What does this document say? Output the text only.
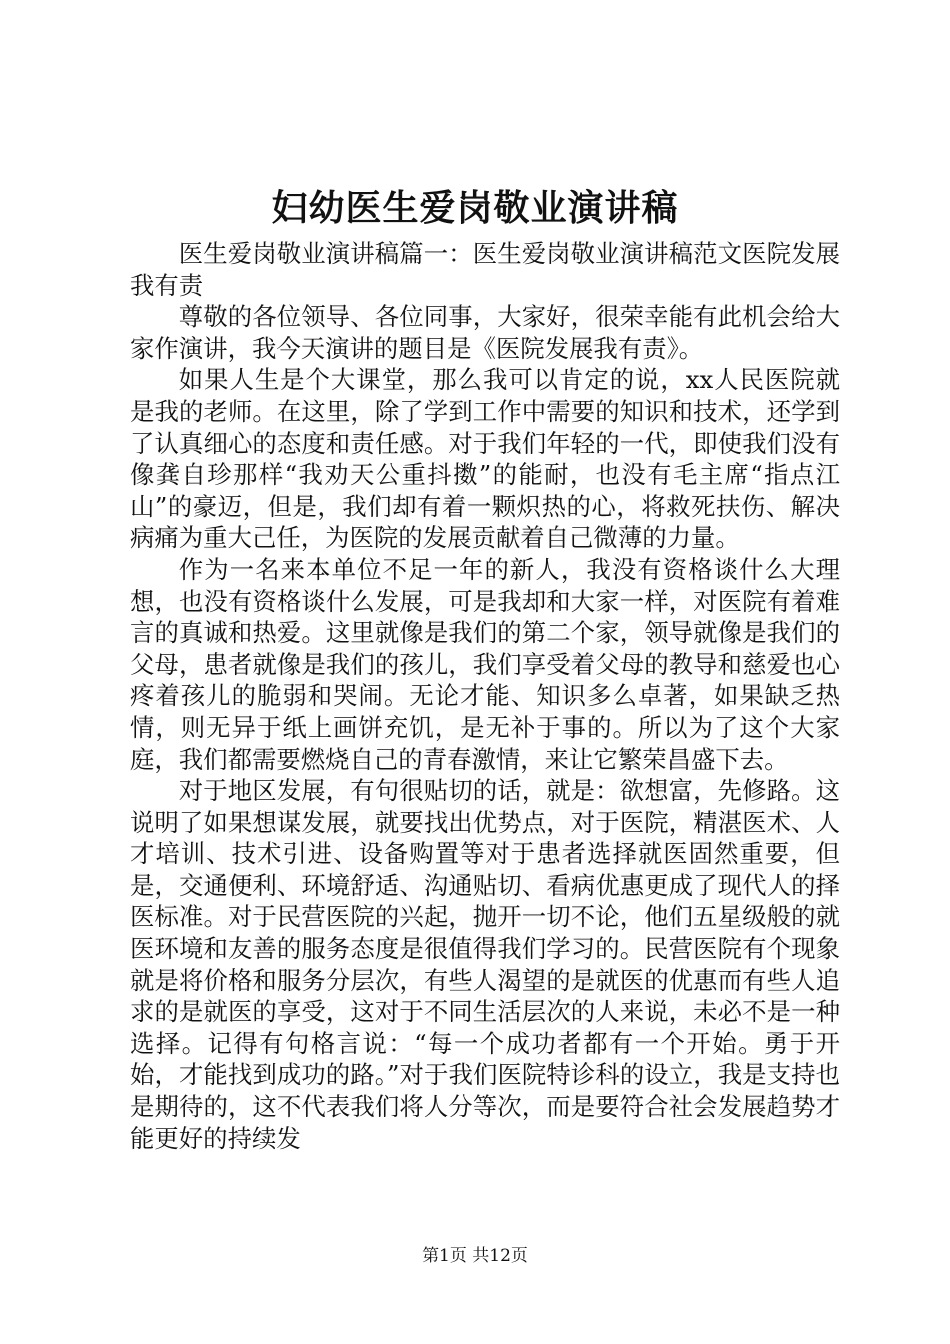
妇幼医生爱岗敬业演讲稿

医生爱岗敬业演讲稿篇一：医生爱岗敬业演讲稿范文医院发展我有责

尊敬的各位领导、各位同事，大家好，很荣幸能有此机会给大家作演讲，我今天演讲的题目是《医院发展我有责》。

如果人生是个大课堂，那么我可以肯定的说，xx人民医院就是我的老师。在这里，除了学到工作中需要的知识和技术，还学到了认真细心的态度和责任感。对于我们年轻的一代，即使我们没有像龚自珍那样“我劝天公重抖擞”的能耐，也没有毛主席“指点江山”的豪迈，但是，我们却有着一颗炽热的心，将救死扶伤、解决病痛为重大己任，为医院的发展贡献着自己微薄的力量。

作为一名来本单位不足一年的新人，我没有资格谈什么大理想，也没有资格谈什么发展，可是我却和大家一样，对医院有着难言的真诚和热爱。这里就像是我们的第二个家，领导就像是我们的父母，患者就像是我们的孩儿，我们享受着父母的教导和慈爱也心疼着孩儿的脆弱和哭闹。无论才能、知识多么卓著，如果缺乏热情，则无异于纸上画饼充饥，是无补于事的。所以为了这个大家庭，我们都需要燃烧自己的青春激情，来让它繁荣昌盛下去。

对于地区发展，有句很贴切的话，就是：欲想富，先修路。这说明了如果想谋发展，就要找出优势点，对于医院，精湛医术、人才培训、技术引进、设备购置等对于患者选择就医固然重要，但是，交通便利、环境舒适、沟通贴切、看病优惠更成了现代人的择医标准。对于民营医院的兴起，抛开一切不论，他们五星级般的就医环境和友善的服务态度是很值得我们学习的。民营医院有个现象就是将价格和服务分层次，有些人渴望的是就医的优惠而有些人追求的是就医的享受，这对于不同生活层次的人来说，未必不是一种选择。记得有句格言说：“每一个成功者都有一个开始。勇于开始，才能找到成功的路。”对于我们医院特诊科的设立，我是支持也是期待的，这不代表我们将人分等次，而是要符合社会发展趋势才能更好的持续发

第1页 共12页
